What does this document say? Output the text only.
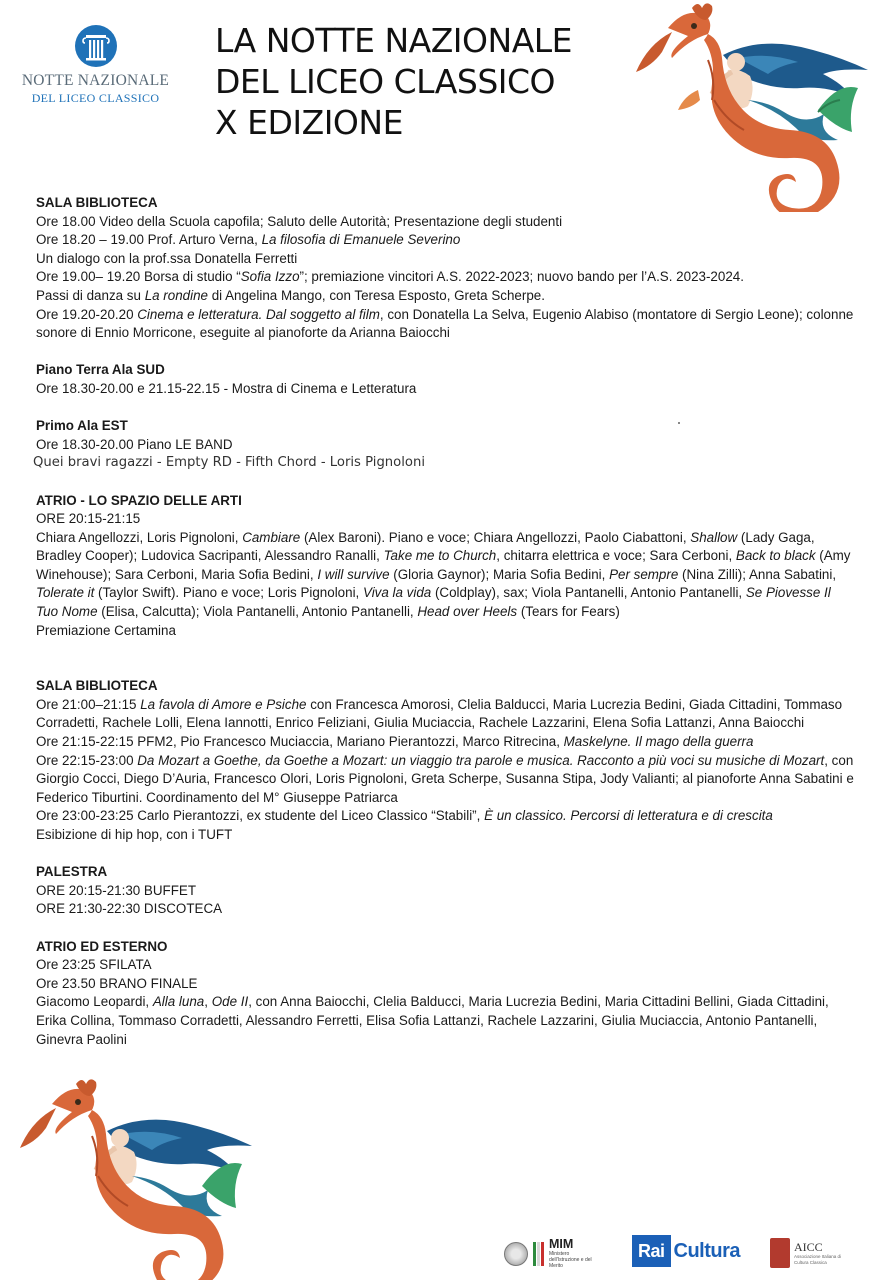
NOTTE NAZIONALE
DEL LICEO CLASSICO
LA NOTTE NAZIONALE
DEL LICEO CLASSICO
X EDIZIONE
SALA BIBLIOTECA
Ore 18.00 Video della Scuola capofila; Saluto delle Autorità; Presentazione degli studenti
Ore 18.20 – 19.00 Prof. Arturo Verna, La filosofia di Emanuele Severino
Un dialogo con la prof.ssa Donatella Ferretti
Ore 19.00– 19.20 Borsa di studio “Sofia Izzo”; premiazione vincitori A.S. 2022-2023; nuovo bando per l’A.S. 2023-2024.
Passi di danza su La rondine di Angelina Mango, con Teresa Esposto, Greta Scherpe.
Ore 19.20-20.20 Cinema e letteratura. Dal soggetto al film, con Donatella La Selva, Eugenio Alabiso (montatore di Sergio Leone); colonne sonore di Ennio Morricone, eseguite al pianoforte da Arianna Baiocchi
Piano Terra Ala SUD
Ore 18.30-20.00 e 21.15-22.15 - Mostra di Cinema e Letteratura
Primo Ala EST
Ore 18.30-20.00 Piano LE BAND
Quei bravi ragazzi - Empty RD - Fifth Chord - Loris Pignoloni
ATRIO - LO SPAZIO DELLE ARTI
ORE 20:15-21:15
Chiara Angellozzi, Loris Pignoloni, Cambiare (Alex Baroni). Piano e voce; Chiara Angellozzi, Paolo Ciabattoni, Shallow (Lady Gaga, Bradley Cooper); Ludovica Sacripanti, Alessandro Ranalli, Take me to Church, chitarra elettrica e voce; Sara Cerboni, Back to black (Amy Winehouse); Sara Cerboni, Maria Sofia Bedini, I will survive (Gloria Gaynor); Maria Sofia Bedini, Per sempre (Nina Zilli); Anna Sabatini, Tolerate it (Taylor Swift). Piano e voce; Loris Pignoloni, Viva la vida (Coldplay), sax; Viola Pantanelli, Antonio Pantanelli, Se Piovesse Il Tuo Nome (Elisa, Calcutta); Viola Pantanelli, Antonio Pantanelli, Head over Heels (Tears for Fears)
Premiazione Certamina
SALA BIBLIOTECA
Ore 21:00–21:15 La favola di Amore e Psiche con Francesca Amorosi, Clelia Balducci, Maria Lucrezia Bedini, Giada Cittadini, Tommaso Corradetti, Rachele Lolli, Elena Iannotti, Enrico Feliziani, Giulia Muciaccia, Rachele Lazzarini, Elena Sofia Lattanzi, Anna Baiocchi
Ore 21:15-22:15 PFM2, Pio Francesco Muciaccia, Mariano Pierantozzi, Marco Ritrecina, Maskelyne. Il mago della guerra
Ore 22:15-23:00 Da Mozart a Goethe, da Goethe a Mozart: un viaggio tra parole e musica. Racconto a più voci su musiche di Mozart, con Giorgio Cocci, Diego D’Auria, Francesco Olori, Loris Pignoloni, Greta Scherpe, Susanna Stipa, Jody Valianti; al pianoforte Anna Sabatini e Federico Tiburtini. Coordinamento del M° Giuseppe Patriarca
Ore 23:00-23:25 Carlo Pierantozzi, ex studente del Liceo Classico “Stabili”, È un classico. Percorsi di letteratura e di crescita
Esibizione di hip hop, con i TUFT
PALESTRA
ORE 20:15-21:30 BUFFET
ORE 21:30-22:30 DISCOTECA
ATRIO ED ESTERNO
Ore 23:25 SFILATA
Ore 23.50 BRANO FINALE
Giacomo Leopardi, Alla luna, Ode II, con Anna Baiocchi, Clelia Balducci, Maria Lucrezia Bedini, Maria Cittadini Bellini, Giada Cittadini, Erika Collina, Tommaso Corradetti, Alessandro Ferretti, Elisa Sofia Lattanzi, Rachele Lazzarini, Giulia Muciaccia, Antonio Pantanelli, Ginevra Paolini
MIM
Ministero dell'Istruzione e del Merito
Rai Cultura	AICC
Associazione Italiana di Cultura Classica
